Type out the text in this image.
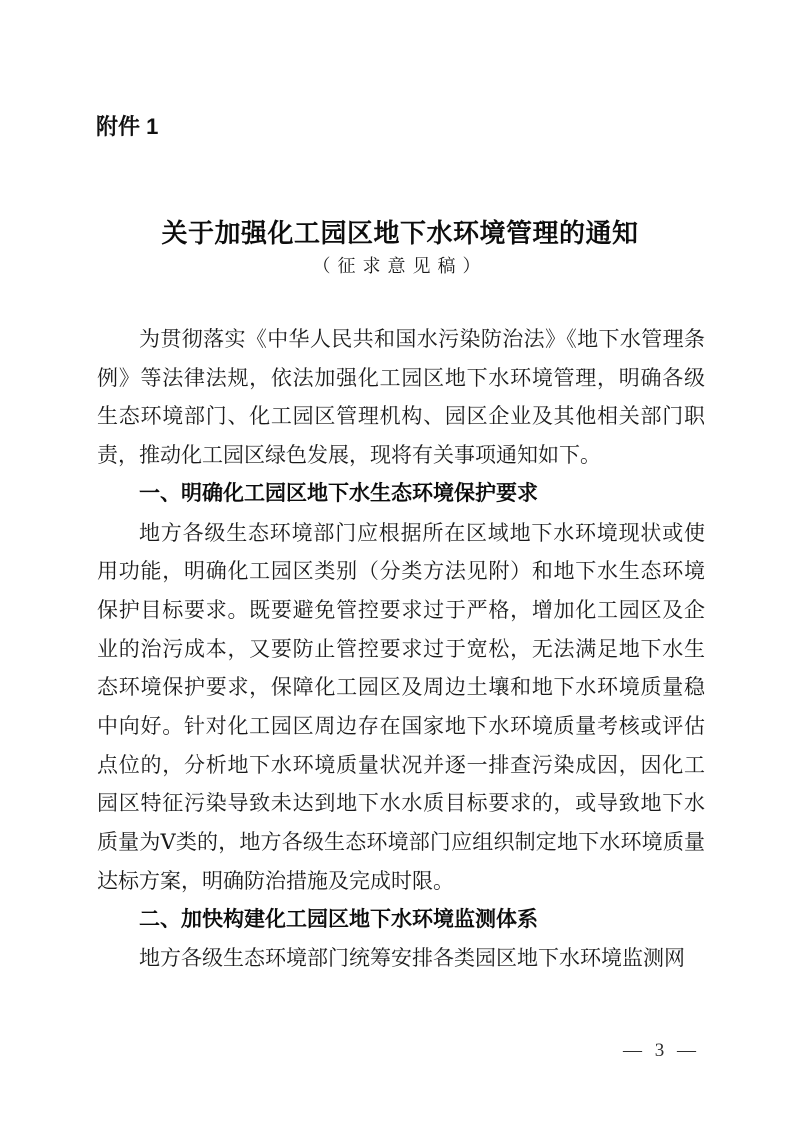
附件 1
关于加强化工园区地下水环境管理的通知
（征求意见稿）

为贯彻落实《中华人民共和国水污染防治法》《地下水管理条例》等法律法规，依法加强化工园区地下水环境管理，明确各级生态环境部门、化工园区管理机构、园区企业及其他相关部门职责，推动化工园区绿色发展，现将有关事项通知如下。

一、明确化工园区地下水生态环境保护要求

地方各级生态环境部门应根据所在区域地下水环境现状或使用功能，明确化工园区类别（分类方法见附）和地下水生态环境保护目标要求。既要避免管控要求过于严格，增加化工园区及企业的治污成本，又要防止管控要求过于宽松，无法满足地下水生态环境保护要求，保障化工园区及周边土壤和地下水环境质量稳中向好。针对化工园区周边存在国家地下水环境质量考核或评估点位的，分析地下水环境质量状况并逐一排查污染成因，因化工园区特征污染导致未达到地下水水质目标要求的，或导致地下水质量为Ⅴ类的，地方各级生态环境部门应组织制定地下水环境质量达标方案，明确防治措施及完成时限。

二、加快构建化工园区地下水环境监测体系

地方各级生态环境部门统筹安排各类园区地下水环境监测网

— 3 —
